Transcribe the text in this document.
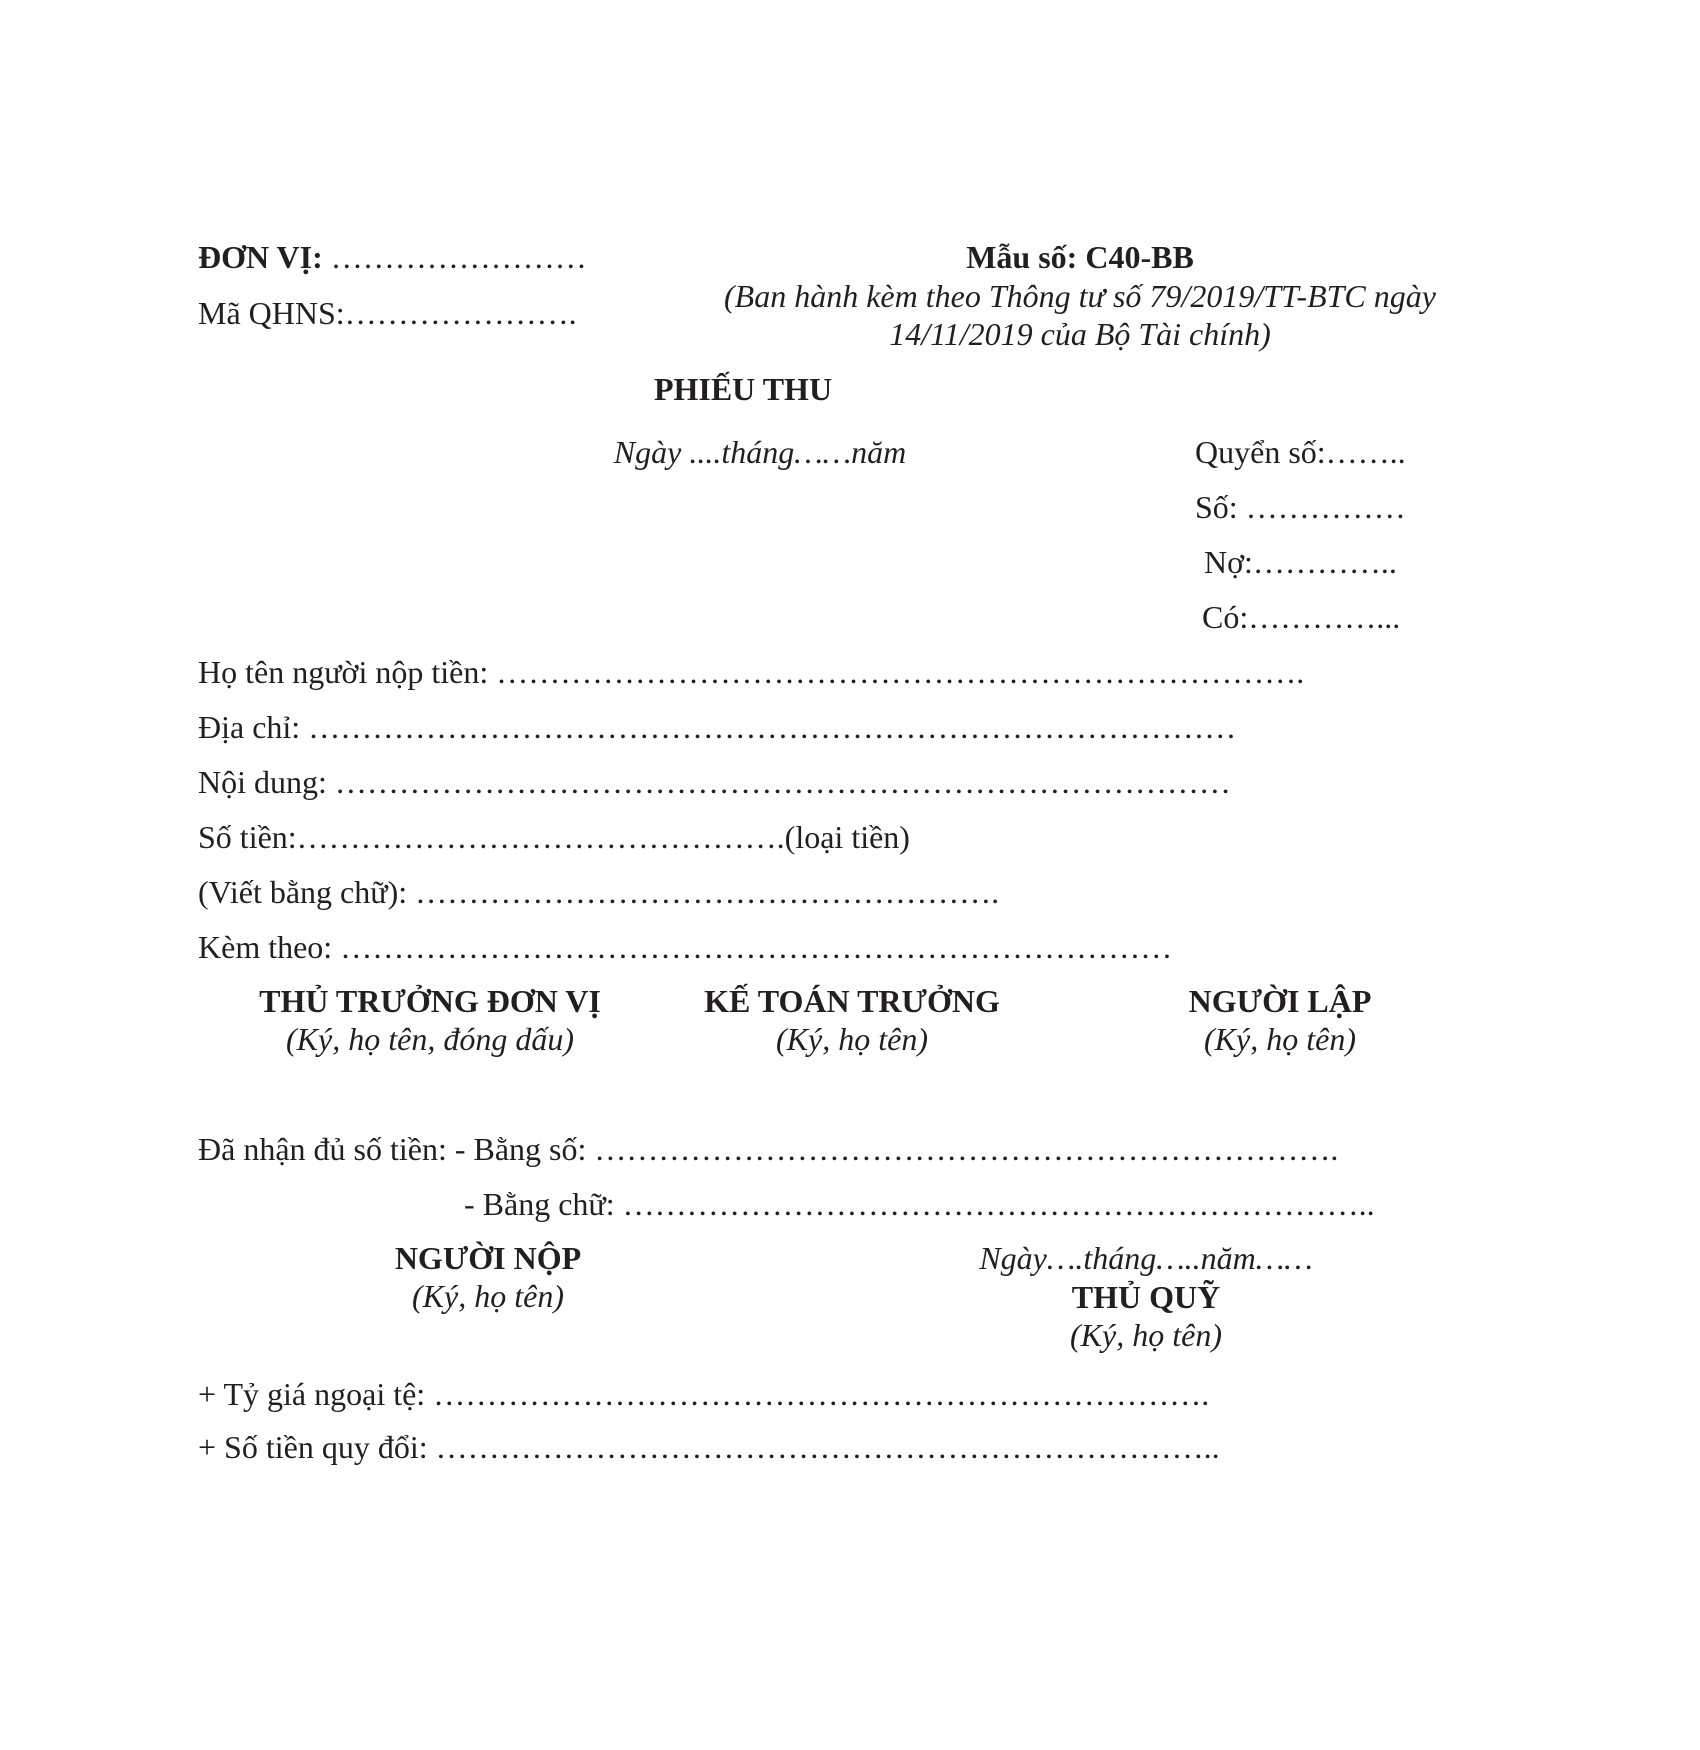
ĐƠN VỊ: ……………………
Mã QHNS:………………….
Mẫu số: C40-BB
(Ban hành kèm theo Thông tư số 79/2019/TT-BTC ngày
14/11/2019 của Bộ Tài chính)
PHIẾU THU
Ngày ....tháng……năm	Quyển số:……..
Số: ……………
Nợ:…………..
Có:…………...
Họ tên người nộp tiền: ………………………………………………………………….
Địa chỉ: ……………………………………………………………………………
Nội dung: …………………………………………………………………………
Số tiền:……………………………………….(loại tiền)
(Viết bằng chữ): ……………………………………………….
Kèm theo: ……………………………………………………………………
THỦ TRƯỞNG ĐƠN VỊ
(Ký, họ tên, đóng dấu)
KẾ TOÁN TRƯỞNG
(Ký, họ tên)
NGƯỜI LẬP
(Ký, họ tên)
Đã nhận đủ số tiền: - Bằng số: …………………………………………………………….
- Bằng chữ: ……………………………………………………………..
NGƯỜI NỘP
(Ký, họ tên)
Ngày….tháng…..năm……
THỦ QUỸ
(Ký, họ tên)
+ Tỷ giá ngoại tệ: ……………………………………………………………….
+ Số tiền quy đổi: ………………………………………………………………..
